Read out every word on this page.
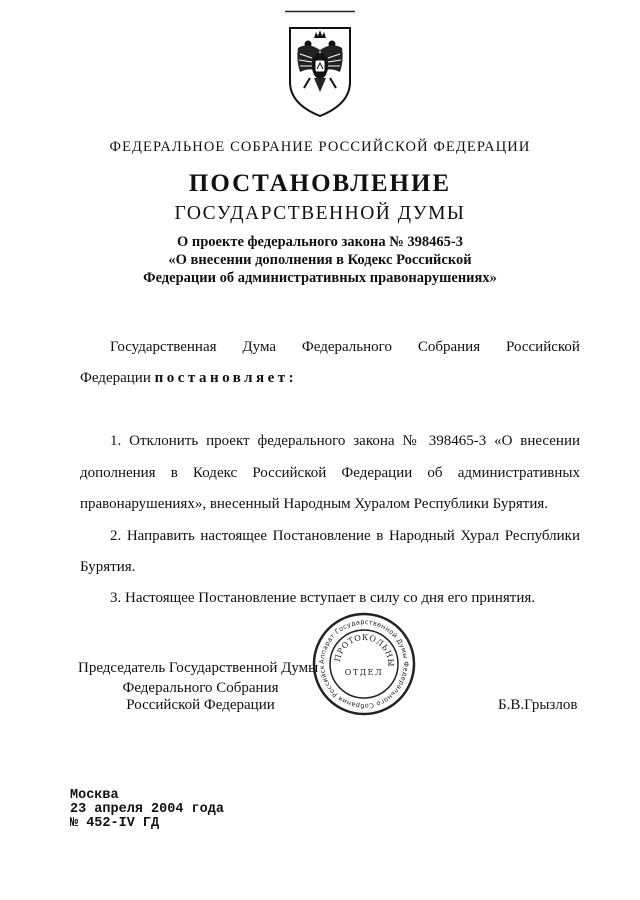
ФЕДЕРАЛЬНОЕ СОБРАНИЕ РОССИЙСКОЙ ФЕДЕРАЦИИ
ПОСТАНОВЛЕНИЕ
ГОСУДАРСТВЕННОЙ ДУМЫ
О проекте федерального закона № 398465-3
«О внесении дополнения в Кодекс Российской
Федерации об административных правонарушениях»
Государственная Дума Федерального Собрания Российской
Федерации постановляет:
1. Отклонить проект федерального закона № 398465-3 «О внесении
дополнения в Кодекс Российской Федерации об административных
правонарушениях», внесенный Народным Хуралом Республики Бурятия.
2. Направить настоящее Постановление в Народный Хурал Республики
Бурятия.
3. Настоящее Постановление вступает в силу со дня его принятия.
Председатель Государственной Думы
Федерального Собрания
Российской Федерации	Б.В.Грызлов
Аппарат Государственной Думы Федерального Собрания Российск
ПРОТОКОЛЬНЫ
ОТДЕЛ
Москва
23 апреля 2004 года
№ 452-IV ГД
